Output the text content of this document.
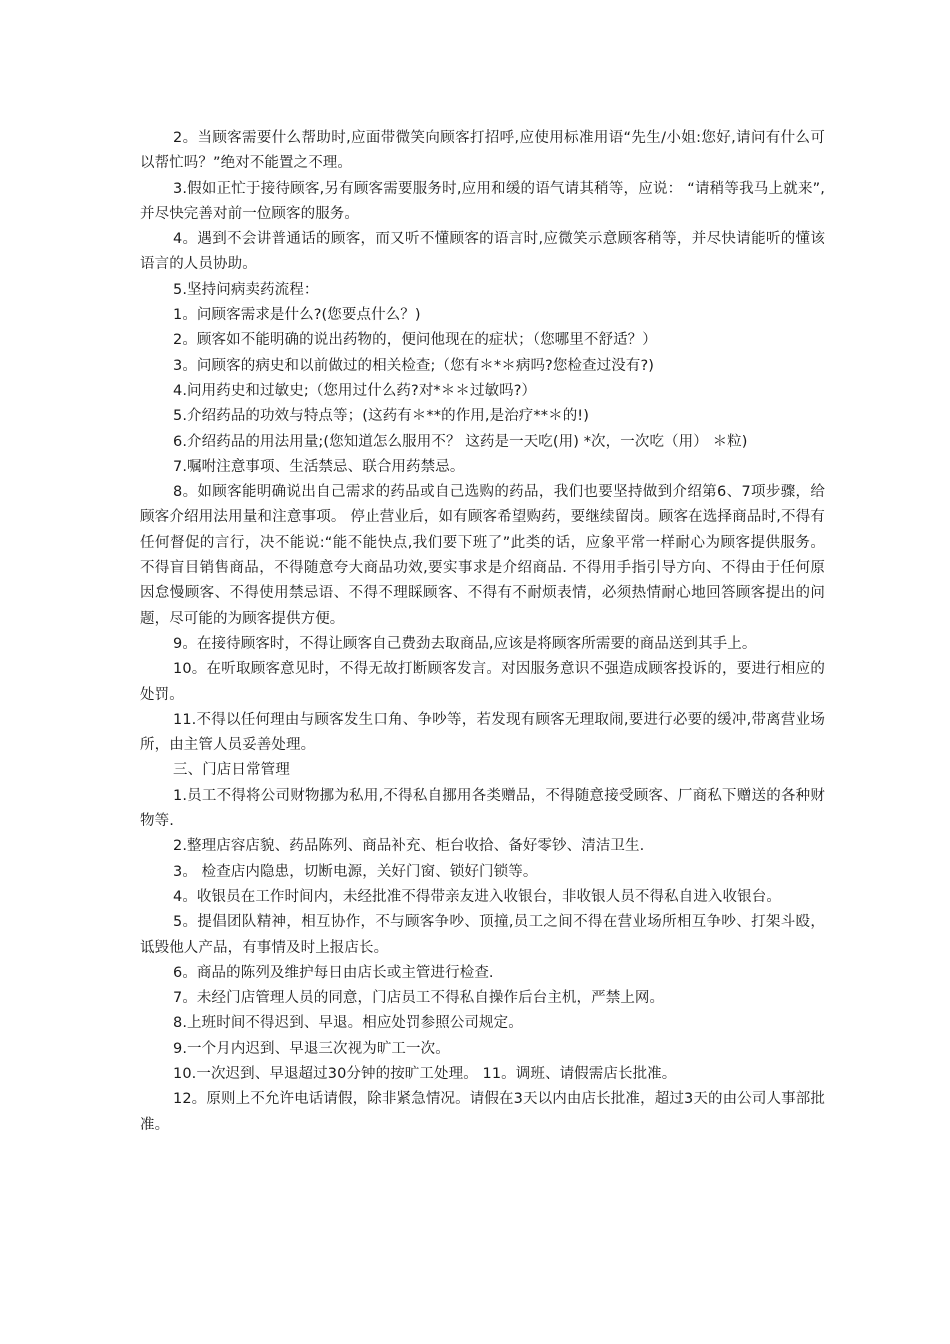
2。当顾客需要什么帮助时,应面带微笑向顾客打招呼,应使用标准用语“先生/小姐:您好,请问有什么可以帮忙吗？”绝对不能置之不理。

3.假如正忙于接待顾客,另有顾客需要服务时,应用和缓的语气请其稍等，应说： “请稍等我马上就来”,并尽快完善对前一位顾客的服务。

4。遇到不会讲普通话的顾客，而又听不懂顾客的语言时,应微笑示意顾客稍等，并尽快请能听的懂该语言的人员协助。

5.坚持问病卖药流程：

1。问顾客需求是什么?(您要点什么？)

2。顾客如不能明确的说出药物的，便问他现在的症状；（您哪里不舒适？）

3。问顾客的病史和以前做过的相关检查;（您有＊*＊病吗?您检查过没有?)

4.问用药史和过敏史;（您用过什么药?对*＊＊过敏吗?）

5.介绍药品的功效与特点等；(这药有＊**的作用,是治疗**＊的!)

6.介绍药品的用法用量;(您知道怎么服用不？ 这药是一天吃(用) *次，一次吃（用） ＊粒)

7.嘱咐注意事项、生活禁忌、联合用药禁忌。

8。如顾客能明确说出自己需求的药品或自己选购的药品，我们也要坚持做到介绍第6、7项步骤，给顾客介绍用法用量和注意事项。 停止营业后，如有顾客希望购药，要继续留岗。顾客在选择商品时,不得有任何督促的言行，决不能说:“能不能快点,我们要下班了”此类的话，应象平常一样耐心为顾客提供服务。 不得盲目销售商品，不得随意夸大商品功效,要实事求是介绍商品. 不得用手指引导方向、不得由于任何原因怠慢顾客、不得使用禁忌语、不得不理睬顾客、不得有不耐烦表情，必须热情耐心地回答顾客提出的问题，尽可能的为顾客提供方便。

9。在接待顾客时，不得让顾客自己费劲去取商品,应该是将顾客所需要的商品送到其手上。

10。在听取顾客意见时，不得无故打断顾客发言。对因服务意识不强造成顾客投诉的，要进行相应的处罚。

11.不得以任何理由与顾客发生口角、争吵等，若发现有顾客无理取闹,要进行必要的缓冲,带离营业场所，由主管人员妥善处理。

三、门店日常管理

1.员工不得将公司财物挪为私用,不得私自挪用各类赠品，不得随意接受顾客、厂商私下赠送的各种财物等.

2.整理店容店貌、药品陈列、商品补充、柜台收拾、备好零钞、清洁卫生.

3。 检查店内隐患，切断电源，关好门窗、锁好门锁等。

4。收银员在工作时间内，未经批准不得带亲友进入收银台，非收银人员不得私自进入收银台。

5。提倡团队精神，相互协作，不与顾客争吵、顶撞,员工之间不得在营业场所相互争吵、打架斗殴，诋毁他人产品，有事情及时上报店长。

6。商品的陈列及维护每日由店长或主管进行检查.

7。未经门店管理人员的同意，门店员工不得私自操作后台主机，严禁上网。

8.上班时间不得迟到、早退。相应处罚参照公司规定。

9.一个月内迟到、早退三次视为旷工一次。

10.一次迟到、早退超过30分钟的按旷工处理。 11。调班、请假需店长批准。

12。原则上不允许电话请假，除非紧急情况。请假在3天以内由店长批准，超过3天的由公司人事部批准。
